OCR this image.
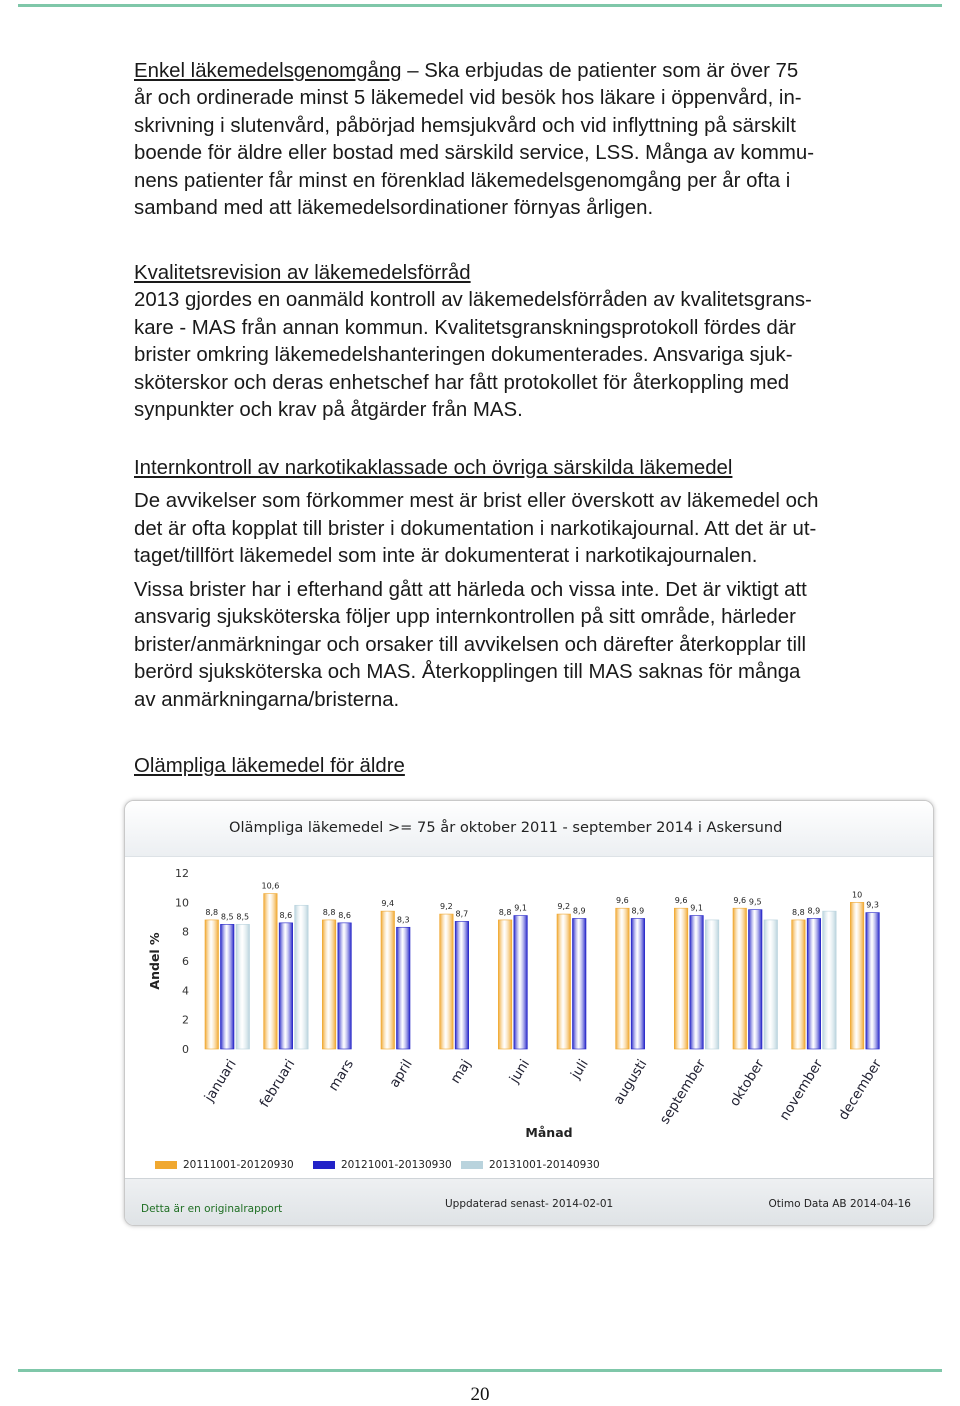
Enkel läkemedelsgenomgång – Ska erbjudas de patienter som är över 75

år och ordinerade minst 5 läkemedel vid besök hos läkare i öppenvård, in-

skrivning i slutenvård, påbörjad hemsjukvård och vid inflyttning på särskilt

boende för äldre eller bostad med särskild service, LSS. Många av kommu-

nens patienter får minst en förenklad läkemedelsgenomgång per år ofta i

samband med att läkemedelsordinationer förnyas årligen.

Kvalitetsrevision av läkemedelsförråd

2013 gjordes en oanmäld kontroll av läkemedelsförråden av kvalitetsgrans-

kare - MAS från annan kommun. Kvalitetsgranskningsprotokoll fördes där

brister omkring läkemedelshanteringen dokumenterades. Ansvariga sjuk-

sköterskor och deras enhetschef har fått protokollet för återkoppling med

synpunkter och krav på åtgärder från MAS.

Internkontroll av narkotikaklassade och övriga särskilda läkemedel

De avvikelser som förkommer mest är brist eller överskott av läkemedel och

det är ofta kopplat till brister i dokumentation i narkotikajournal. Att det är ut-

taget/tillfört läkemedel som inte är dokumenterat i narkotikajournalen.

Vissa brister har i efterhand gått att härleda och vissa inte. Det är viktigt att

ansvarig sjuksköterska följer upp internkontrollen på sitt område, härleder

brister/anmärkningar och orsaker till avvikelsen och därefter återkopplar till

berörd sjuksköterska och MAS. Återkopplingen till MAS saknas för många

av anmärkningarna/bristerna.

Olämpliga läkemedel för äldre

Olämpliga läkemedel >= 75 år oktober 2011 - september 2014 i Askersund
0
2
4
6
8
10
12
Andel %
8,8 8,5 8,5
januari
10,6
8,6
februari
8,8 8,6
mars
9,4
8,3
april
9,2
8,7
maj
8,8 9,1
juni
9,2 8,9
juli
9,6
8,9
augusti
9,6
9,1
september
9,6 9,5
oktober
8,8 8,9
november
10
9,3
december
Månad
20111001-20120930	20121001-20130930	20131001-20140930
Detta är en originalrapport	Uppdaterad senast- 2014-02-01	Otimo Data AB 2014-04-16
20
